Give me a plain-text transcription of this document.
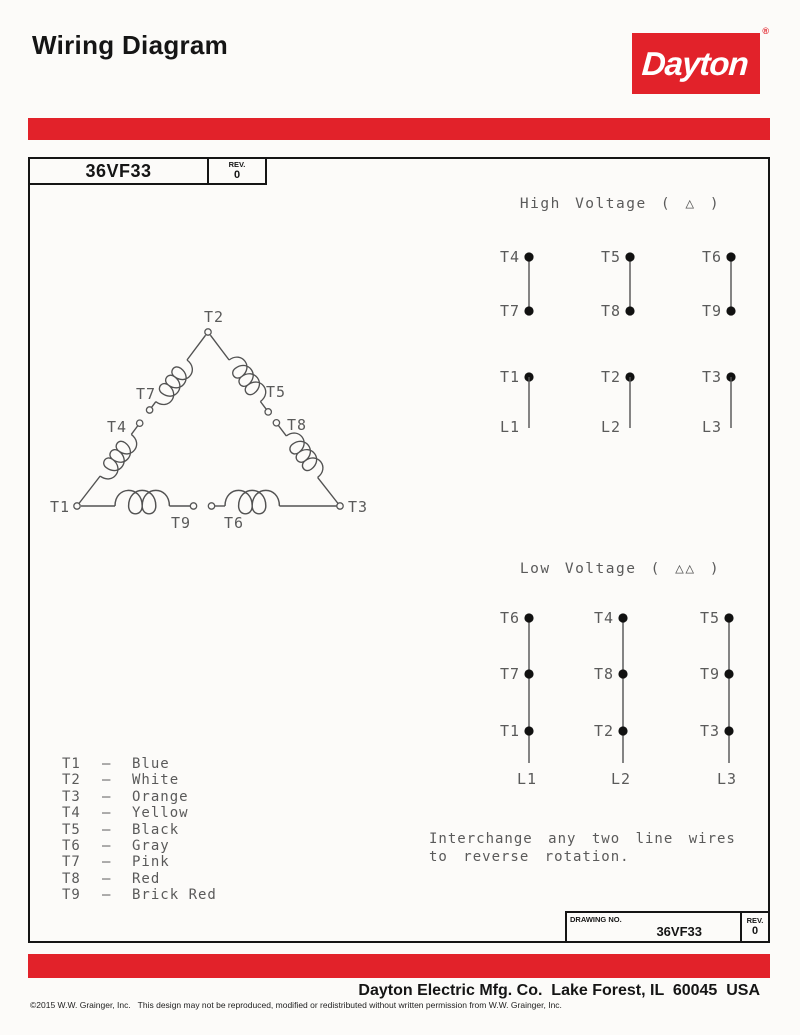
Wiring Diagram	Dayton
®
36VF33	REV.
0
High Voltage ( △ )
Low Voltage ( △△ )
T2
T7	T5
T4	T8
T1	T3
T9 T6
T4
T7
T5
T8
T6
T9
T1
L1
T2
L2
T3
L3
T6
T7
T1
L1
T4
T8
T2
L2
T5
T9
T3
L3
T1	—	Blue
T2	—	White
T3	—	Orange
T4	—	Yellow
T5	—	Black
T6	—	Gray
T7	—	Pink
T8	—	Red
T9	—	Brick Red
Interchange any two line wires
to reverse rotation.
DRAWING NO.
36VF33
REV.
0
Dayton Electric Mfg. Co.  Lake Forest, IL  60045  USA
©2015 W.W. Grainger, Inc.   This design may not be reproduced, modified or redistributed without written permission from W.W. Grainger, Inc.
